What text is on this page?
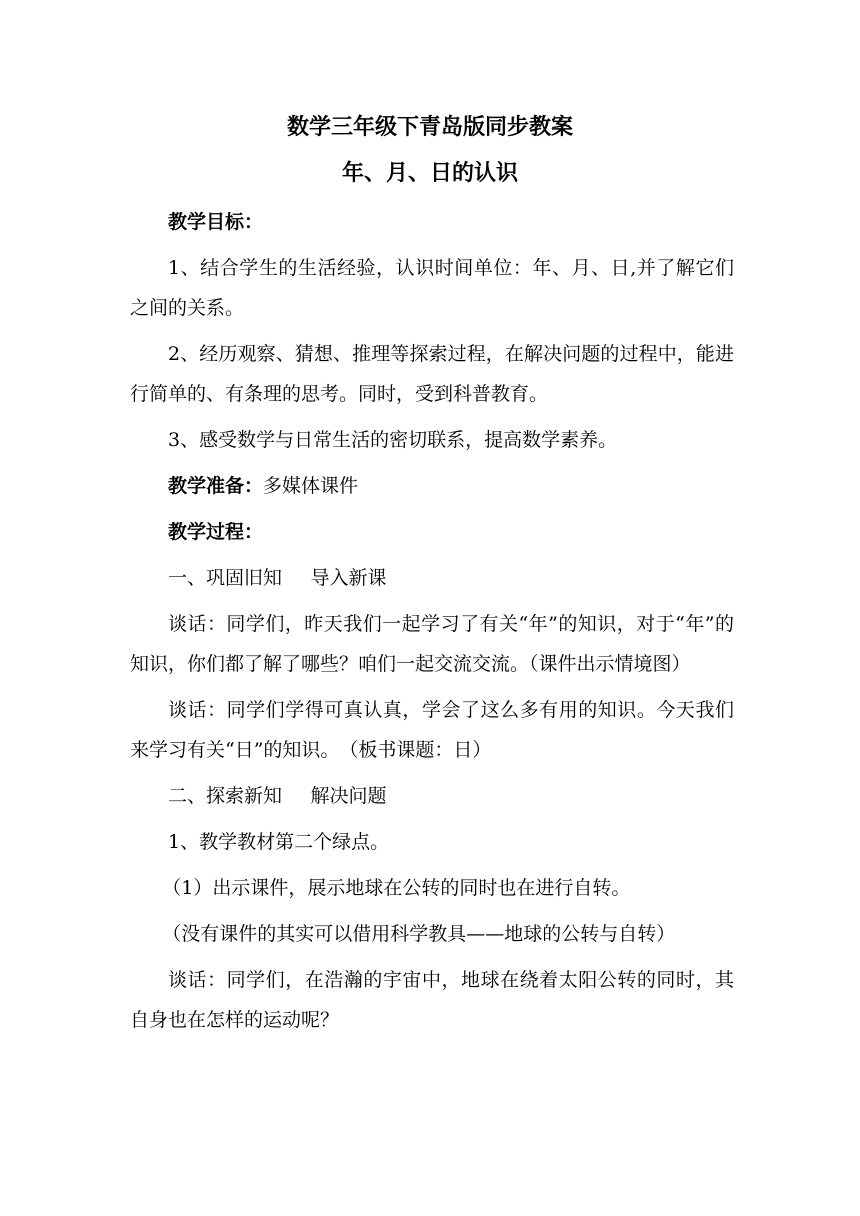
数学三年级下青岛版同步教案
年、月、日的认识

教学目标：

1、结合学生的生活经验，认识时间单位：年、月、日,并了解它们之间的关系。

2、经历观察、猜想、推理等探索过程，在解决问题的过程中，能进行简单的、有条理的思考。同时，受到科普教育。

3、感受数学与日常生活的密切联系，提高数学素养。

教学准备：多媒体课件

教学过程：

一、巩固旧知 导入新课

谈话：同学们，昨天我们一起学习了有关“年”的知识，对于“年”的知识，你们都了解了哪些？咱们一起交流交流。（课件出示情境图）

谈话：同学们学得可真认真，学会了这么多有用的知识。今天我们来学习有关“日”的知识。　（板书课题：日）

二、探索新知 解决问题

1、教学教材第二个绿点。

（1）出示课件，展示地球在公转的同时也在进行自转。

（没有课件的其实可以借用科学教具——地球的公转与自转）

谈话：同学们，在浩瀚的宇宙中，地球在绕着太阳公转的同时，其自身也在怎样的运动呢？
